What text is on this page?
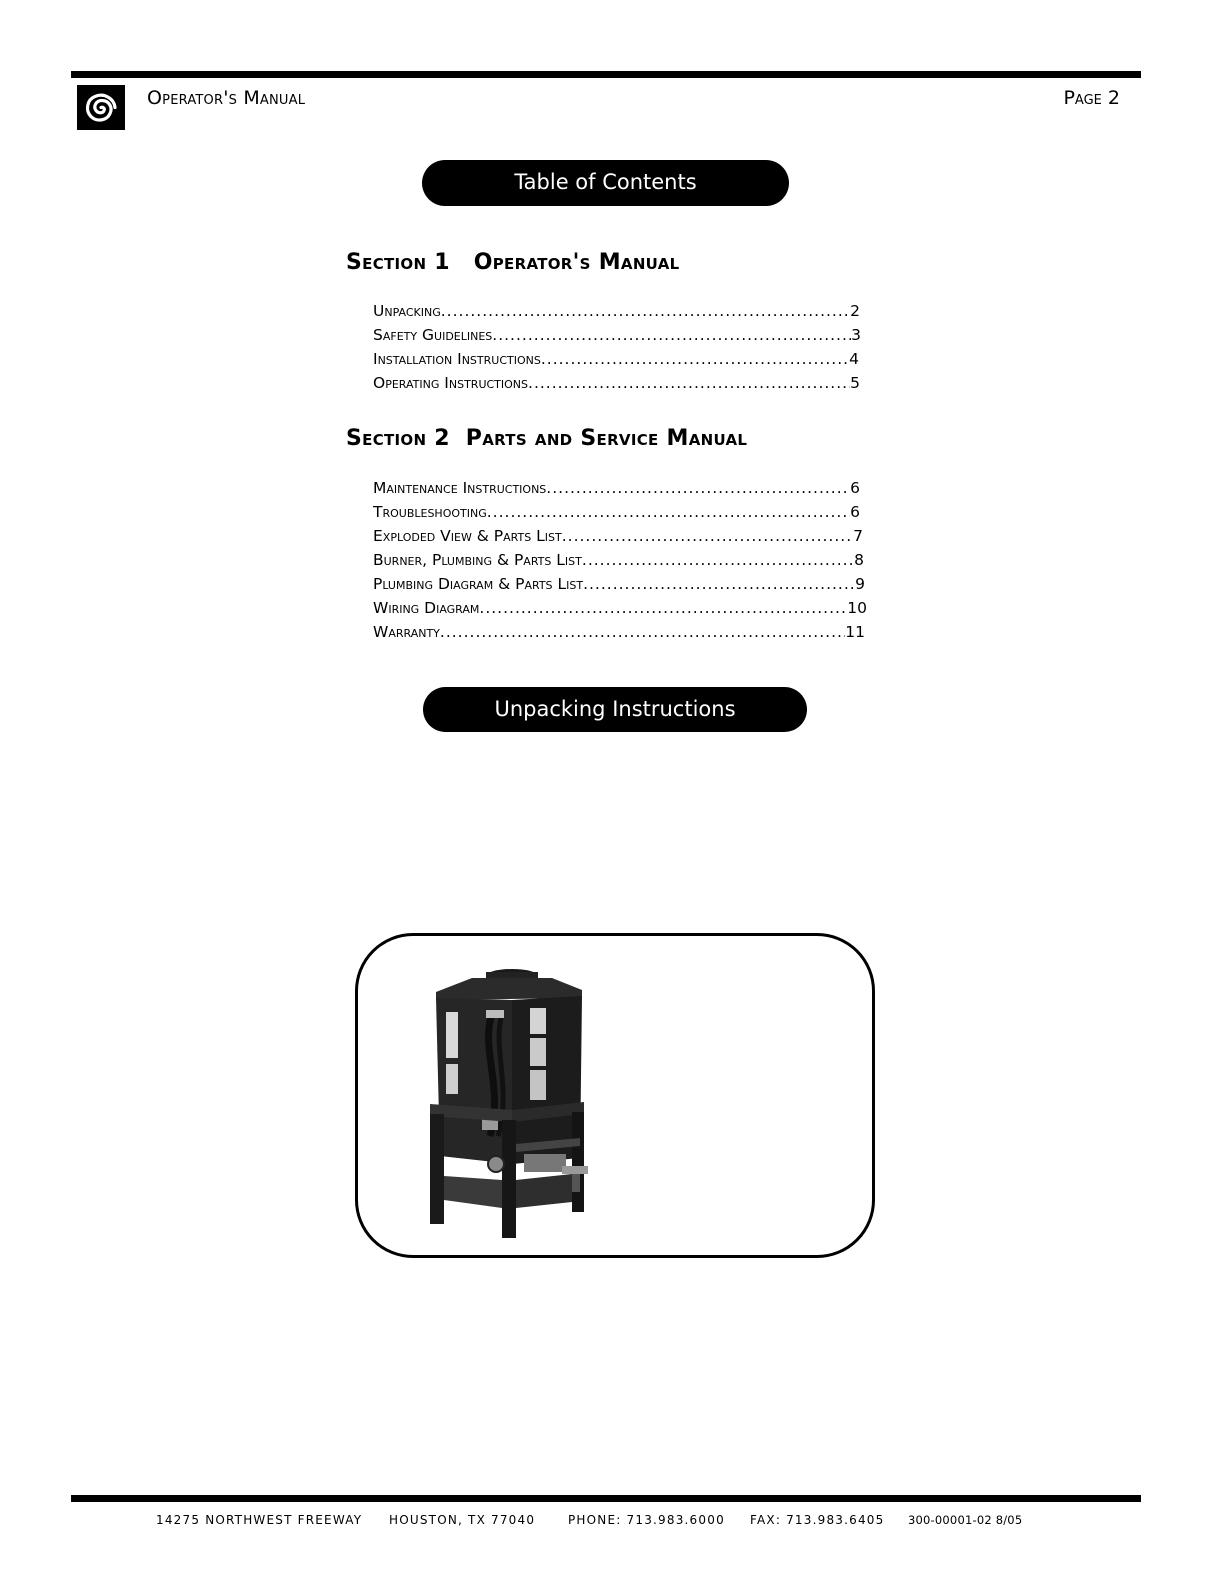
Operator's Manual	Page 2
Table of Contents
Section 1   Operator's Manual
Unpacking .....	2
Safety Guidelines .....	3
Installation Instructions .....	4
Operating Instructions .....	5
Section 2  Parts and Service Manual
Maintenance Instructions .....	6
Troubleshooting .....	6
Exploded View & Parts List .....	7
Burner, Plumbing & Parts List .....	8
Plumbing Diagram & Parts List .....	9
Wiring Diagram .....	10
Warranty .....	11
Unpacking Instructions
14275 NORTHWEST FREEWAY HOUSTON, TX 77040	PHONE: 713.983.6000 FAX: 713.983.6405 300-00001-02 8/05
